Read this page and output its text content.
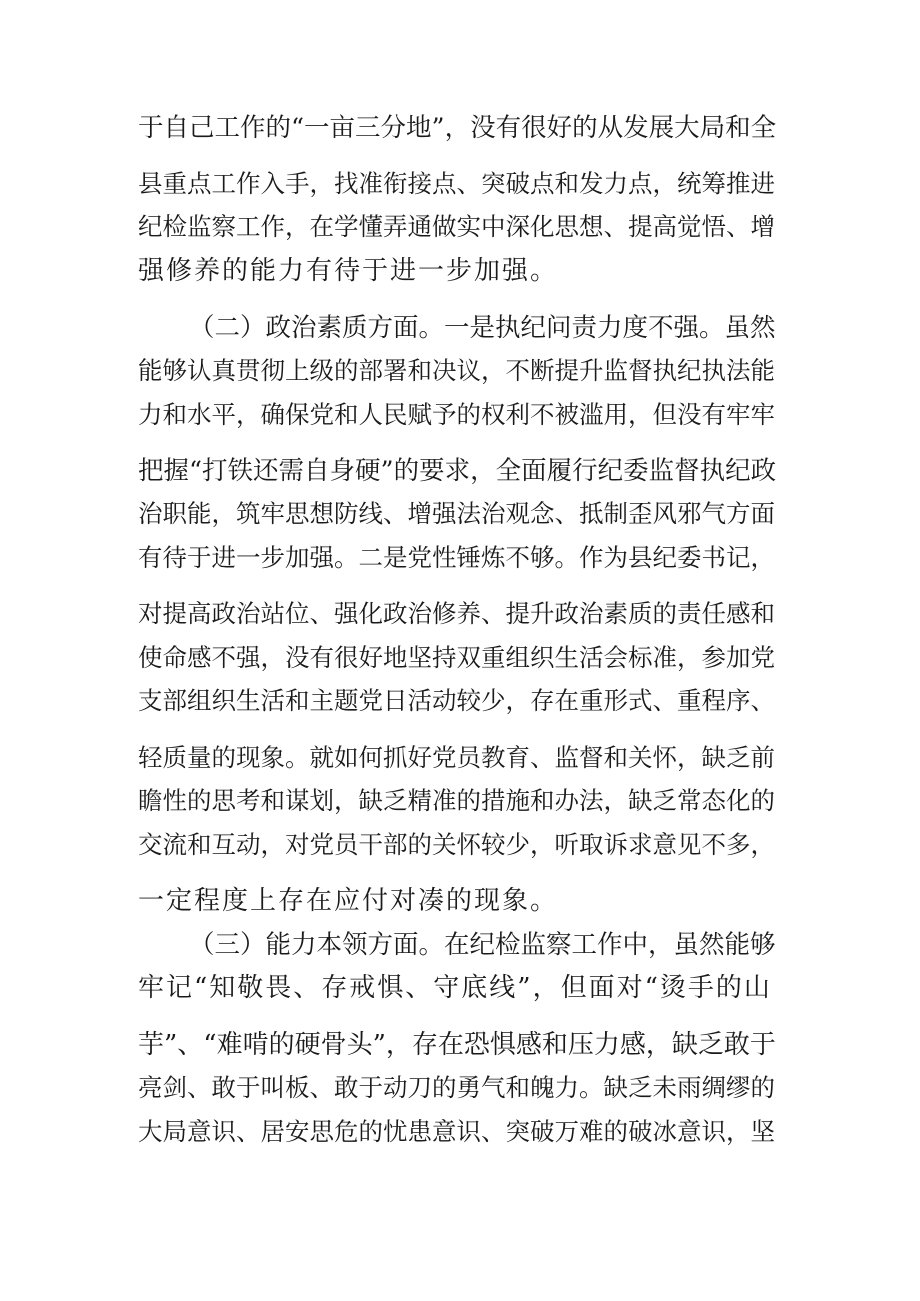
于自己工作的“一亩三分地”，没有很好的从发展大局和全
县重点工作入手，找准衔接点、突破点和发力点，统筹推进
纪检监察工作，在学懂弄通做实中深化思想、提高觉悟、增
强修养的能力有待于进一步加强。
（二）政治素质方面。一是执纪问责力度不强。虽然
能够认真贯彻上级的部署和决议，不断提升监督执纪执法能
力和水平，确保党和人民赋予的权利不被滥用，但没有牢牢
把握“打铁还需自身硬”的要求，全面履行纪委监督执纪政
治职能，筑牢思想防线、增强法治观念、抵制歪风邪气方面
有待于进一步加强。二是党性锤炼不够。作为县纪委书记，
对提高政治站位、强化政治修养、提升政治素质的责任感和
使命感不强，没有很好地坚持双重组织生活会标准，参加党
支部组织生活和主题党日活动较少，存在重形式、重程序、
轻质量的现象。就如何抓好党员教育、监督和关怀，缺乏前
瞻性的思考和谋划，缺乏精准的措施和办法，缺乏常态化的
交流和互动，对党员干部的关怀较少，听取诉求意见不多，
一定程度上存在应付对凑的现象。
（三）能力本领方面。在纪检监察工作中，虽然能够
牢记“知敬畏、存戒惧、守底线”，但面对“烫手的山
芋”、“难啃的硬骨头”，存在恐惧感和压力感，缺乏敢于
亮剑、敢于叫板、敢于动刀的勇气和魄力。缺乏未雨绸缪的
大局意识、居安思危的忧患意识、突破万难的破冰意识，坚
